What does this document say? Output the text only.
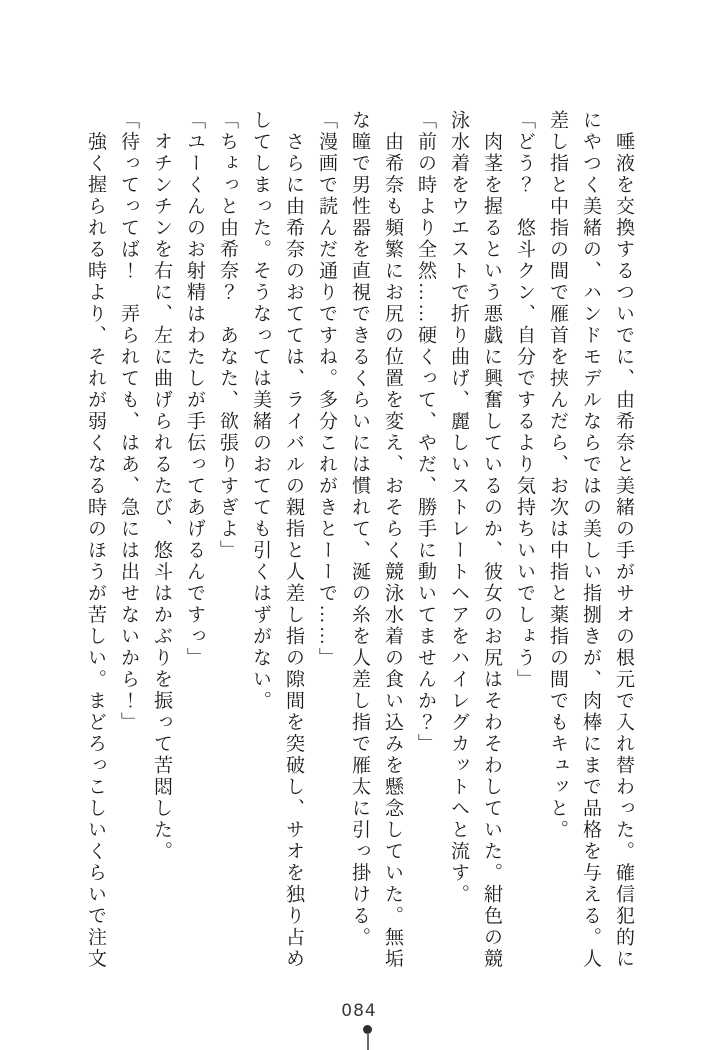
　唾液を交換するついでに、由希奈と美緒の手がサオの根元で入れ替わった。確信犯的に
にやつく美緒の、ハンドモデルならではの美しい指捌きが、肉棒にまで品格を与える。人
差し指と中指の間で雁首を挟んだら、お次は中指と薬指の間でもキュッと。
「どう？　悠斗クン、自分でするより気持ちいいでしょう」
　肉茎を握るという悪戯に興奮しているのか、彼女のお尻はそわそわしていた。紺色の競
泳水着をウエストで折り曲げ、麗しいストレートヘアをハイレグカットへと流す。
「前の時より全然……硬くって、やだ、勝手に動いてませんか？」
　由希奈も頻繁にお尻の位置を変え、おそらく競泳水着の食い込みを懸念していた。無垢
な瞳で男性器を直視できるくらいには慣れて、涎の糸を人差し指で雁太に引っ掛ける。
「漫画で読んだ通りですね。多分これがきとーーで……」
　さらに由希奈のおてては、ライバルの親指と人差し指の隙間を突破し、サオを独り占め
してしまった。そうなっては美緒のおてても引くはずがない。
「ちょっと由希奈？　あなた、欲張りすぎよ」
「ユーくんのお射精はわたしが手伝ってあげるんですっ」
　オチンチンを右に、左に曲げられるたび、悠斗はかぶりを振って苦悶した。
「待ってってば！　弄られても、はあ、急には出せないから！」
　強く握られる時より、それが弱くなる時のほうが苦しい。まどろっこしいくらいで注文
084
